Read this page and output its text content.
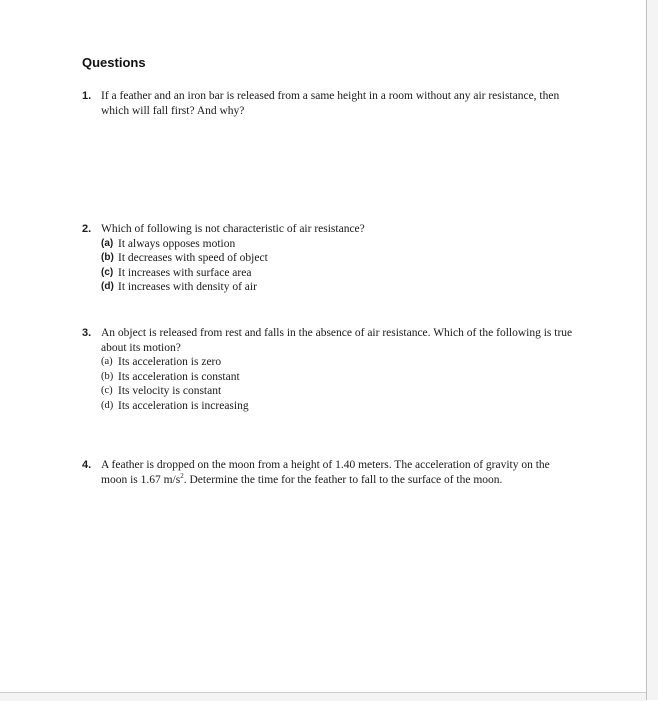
Questions
1. If a feather and an iron bar is released from a same height in a room without any air resistance, then which will fall first? And why?
2. Which of following is not characteristic of air resistance?
(a) It always opposes motion
(b) It decreases with speed of object
(c) It increases with surface area
(d) It increases with density of air
3. An object is released from rest and falls in the absence of air resistance. Which of the following is true about its motion?
(a) Its acceleration is zero
(b) Its acceleration is constant
(c) Its velocity is constant
(d) Its acceleration is increasing
4. A feather is dropped on the moon from a height of 1.40 meters. The acceleration of gravity on the moon is 1.67 $m/s^2$. Determine the time for the feather to fall to the surface of the moon.
